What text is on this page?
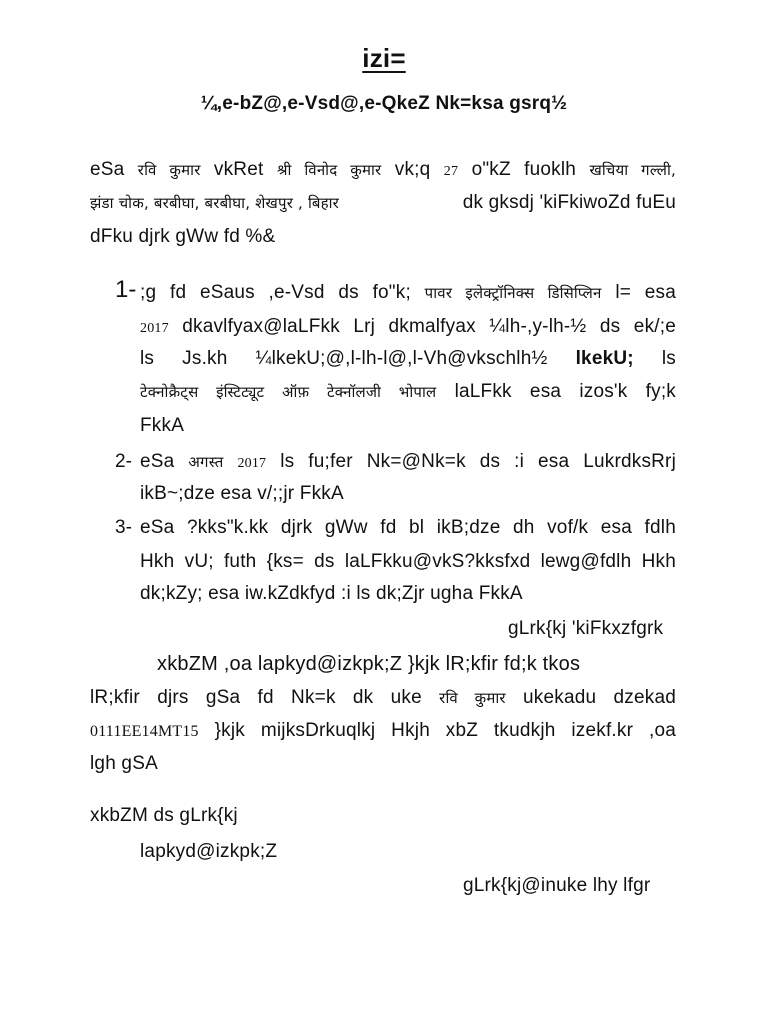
izi=
¼,e-bZ@,e-Vsd@,e-QkeZ Nk=ksa gsrq½
eSa रवि कुमार vkRet श्री विनोद कुमार vk;q 27 o"kZ fuoklh खचिया गल्ली,
झंडा चोक, बरबीघा, बरबीघा, शेखपुर , बिहार	dk gksdj 'kiFkiwoZd fuEu
dFku djrk gWw fd %&
1- ;g fd eSaus ,e-Vsd ds fo"k; पावर इलेक्ट्रॉनिक्स डिसिप्लिन l= esa
2017 dkavlfyax@laLFkk Lrj dkmalfyax ¼lh-,y-lh-½ ds ek/;e
ls Js.kh ¼lkekU;@,l-lh-l@,l-Vh@vkschlh½ lkekU; ls
टेक्नोक्रैट्स इंस्टिट्यूट ऑफ़ टेक्नॉलजी भोपाल laLFkk esa izos'k fy;k
FkkA
2- eSa अगस्त 2017 ls fu;fer Nk=@Nk=k ds :i esa LukrdksRrj
ikB~;dze esa v/;;jr FkkA
3- eSa ?kks"k.kk djrk gWw fd bl ikB;dze dh vof/k esa fdlh
Hkh vU; futh {ks= ds laLFkku@vkS?kksfxd lewg@fdlh Hkh
dk;kZy; esa iw.kZdkfyd :i ls dk;Zjr ugha FkkA
gLrk{kj 'kiFkxzfgrk
xkbZM ,oa lapkyd@izkpk;Z }kjk lR;kfir fd;k tkos
lR;kfir djrs gSa fd Nk=k dk uke रवि कुमार ukekadu dzekad
0111EE14MT15 }kjk mijksDrkuqlkj Hkjh xbZ tkudkjh izekf.kr ,oa
lgh gSA
xkbZM ds gLrk{kj
lapkyd@izkpk;Z
gLrk{kj@inuke lhy lfgr
